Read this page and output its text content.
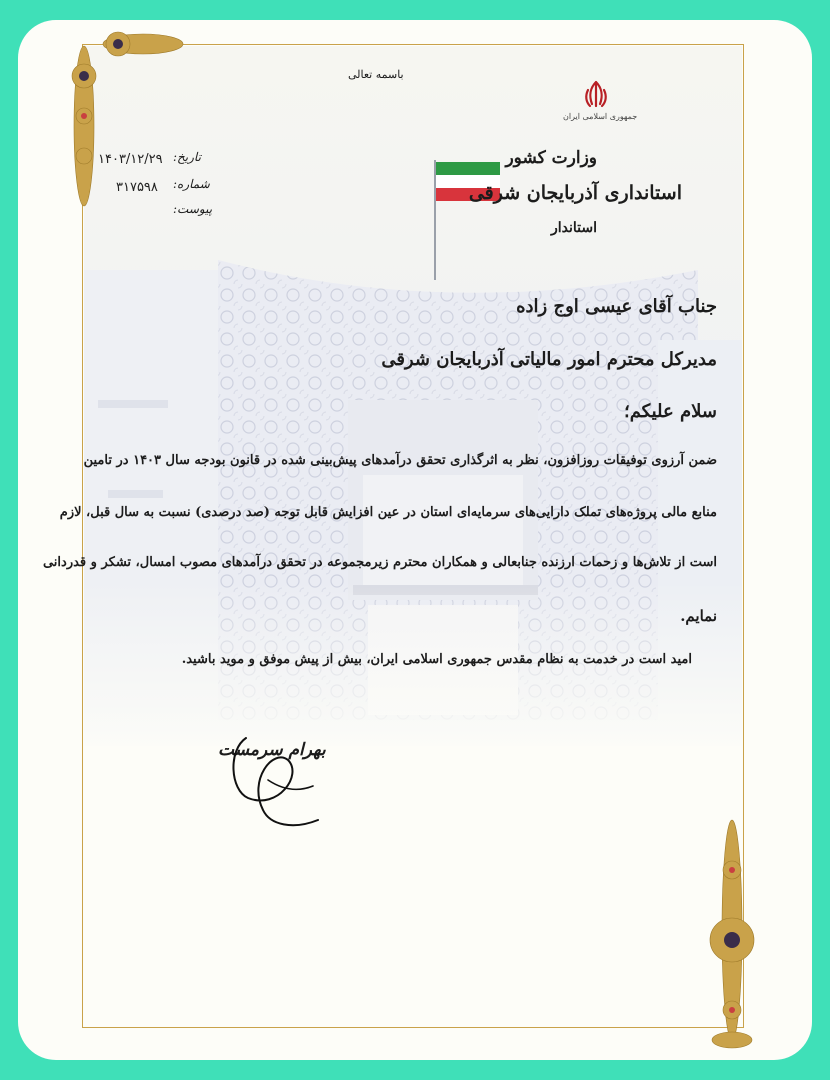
باسمه تعالی
جمهوری اسلامی ایران
وزارت کشور
استانداری آذربایجان شرقی
استاندار
تاریخ:
۱۴۰۳/۱۲/۲۹
شماره:
۳۱۷۵۹۸
پیوست:
جناب آقای عیسی اوج زاده
مدیرکل محترم امور مالیاتی آذربایجان شرقی
سلام علیکم؛
ضمن آرزوی توفیقات روزافزون، نظر به اثرگذاری تحقق درآمدهای پیش‌بینی شده در قانون بودجه سال ۱۴۰۳ در تامین
منابع مالی پروژه‌های تملک دارایی‌های سرمایه‌ای استان در عین افزایش قابل توجه (صد درصدی) نسبت به سال قبل، لازم
است از تلاش‌ها و زحمات ارزنده جنابعالی و همکاران محترم زیرمجموعه در تحقق درآمدهای مصوب امسال، تشکر و قدردانی
نمایم.
امید است در خدمت به نظام مقدس جمهوری اسلامی ایران، بیش از پیش موفق و موید باشید.
بهرام سرمست
